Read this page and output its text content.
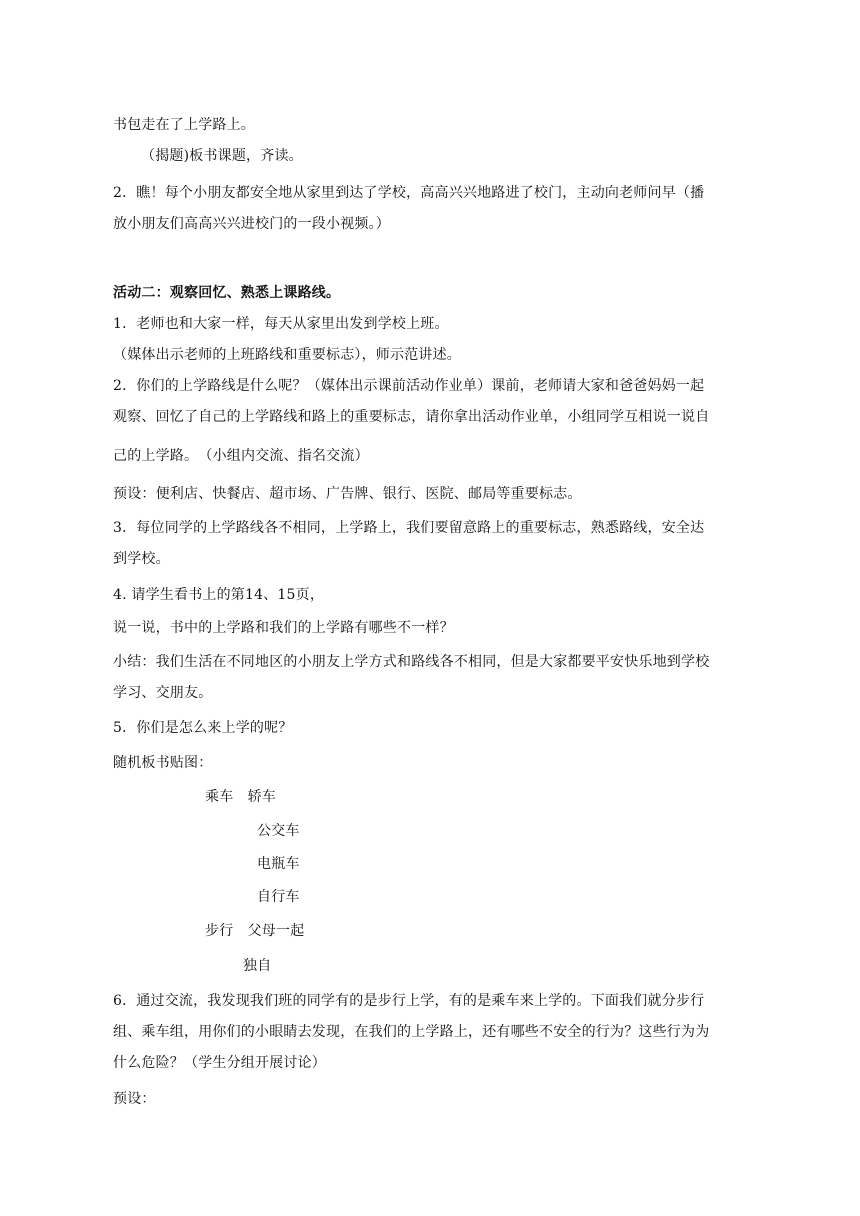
书包走在了上学路上。
（揭题)板书课题，齐读。
2．瞧！每个小朋友都安全地从家里到达了学校，高高兴兴地路进了校门，主动向老师问早（播
放小朋友们高高兴兴进校门的一段小视频。）
活动二：观察回忆、熟悉上课路线。
1．老师也和大家一样，每天从家里出发到学校上班。
（媒体出示老师的上班路线和重要标志），师示范讲述。
2．你们的上学路线是什么呢？（媒体出示课前活动作业单）课前，老师请大家和爸爸妈妈一起
观察、回忆了自己的上学路线和路上的重要标志，请你拿出活动作业单，小组同学互相说一说自
己的上学路。　（小组内交流、指名交流）
预设：便利店、快餐店、超市场、广告牌、银行、医院、邮局等重要标志。
3．每位同学的上学路线各不相同，上学路上，我们要留意路上的重要标志，熟悉路线，安全达
到学校。
4. 请学生看书上的第14、15页，
说一说，书中的上学路和我们的上学路有哪些不一样？
小结：我们生活在不同地区的小朋友上学方式和路线各不相同，但是大家都要平安快乐地到学校
学习、交朋友。
5．你们是怎么来上学的呢？
随机板书贴图：
乘车　轿车
公交车
电瓶车
自行车
步行　父母一起
独自
6．通过交流，我发现我们班的同学有的是步行上学，有的是乘车来上学的。下面我们就分步行
组、乘车组，用你们的小眼睛去发现，在我们的上学路上，还有哪些不安全的行为？这些行为为
什么危险？（学生分组开展讨论）
预设：
